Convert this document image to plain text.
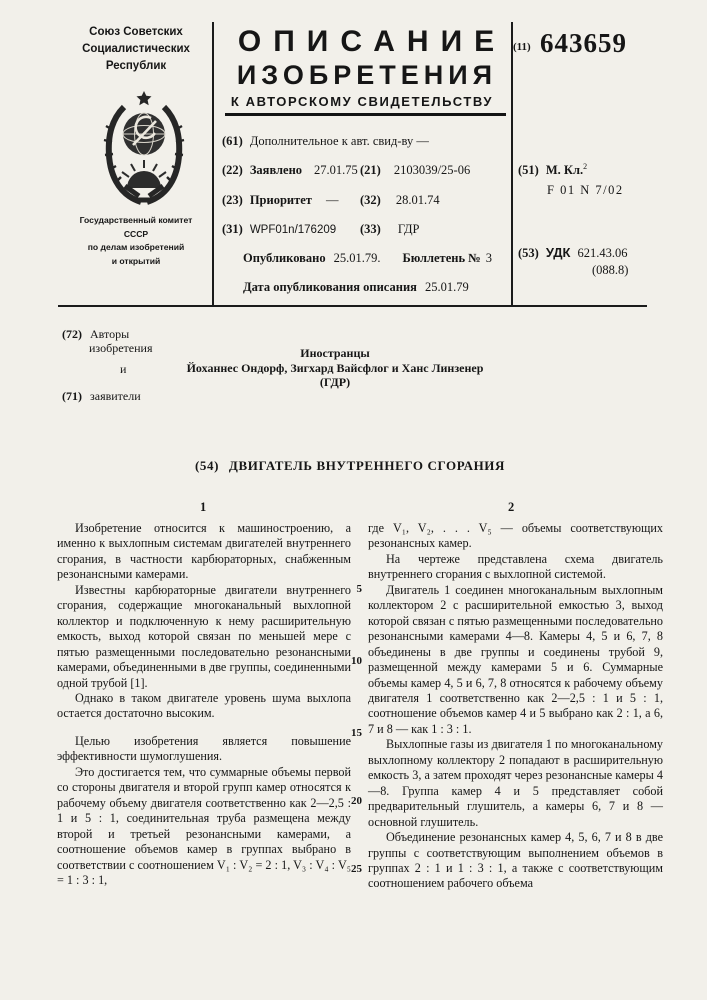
Союз Советских
Социалистических
Республик
Государственный комитет
СССР
по делам изобретений
и открытий
ОПИСАНИЕ
ИЗОБРЕТЕНИЯ
К АВТОРСКОМУ СВИДЕТЕЛЬСТВУ
(11) 643659
(61) Дополнительное к авт. свид-ву —
(22) Заявлено 27.01.75 (21) 2103039/25-06
(23) Приоритет — (32) 28.01.74
(31) WPF01n/176209 (33) ГДР
Опубликовано 25.01.79. Бюллетень № 3
Дата опубликования описания 25.01.79
(51) М. Кл.$^2$
F 01 N 7/02
(53) УДК 621.43.06
(088.8)
(72) Авторы
изобретения
и
(71) заявители
Иностранцы
Йоханнес Ондорф, Зигхард Вайсфлог и Ханс Линзенер
(ГДР)
(54) ДВИГАТЕЛЬ ВНУТРЕННЕГО СГОРАНИЯ
1	2
5
10
15
20
25

Изобретение относится к машиностроению, а именно к выхлопным системам двигателей внутреннего сгорания, в частности карбюраторных, снабженным резонансными камерами.

Известны карбюраторные двигатели внутреннего сгорания, содержащие многоканальный выхлопной коллектор и подключенную к нему расширительную емкость, выход которой связан по меньшей мере с пятью размещенными последовательно резонансными камерами, объединенными в две группы, соединенными одной трубой [1].

Однако в таком двигателе уровень шума выхлопа остается достаточно высоким.

Целью изобретения является повышение эффективности шумоглушения.

Это достигается тем, что суммарные объемы первой со стороны двигателя и второй групп камер относятся к рабочему объему двигателя соответственно как 2—2,5 : 1 и 5 : 1, соединительная труба размещена между второй и третьей резонансными камерами, а соотношение объемов камер в группах выбрано в соответствии с соотношением V₁ : V₂ = 2 : 1, V₃ : V₄ : V₅ = 1 : 3 : 1,

где V₁, V₂, . . . V₅ — объемы соответствующих резонансных камер.

На чертеже представлена схема двигатель внутреннего сгорания с выхлопной системой.

Двигатель 1 соединен многоканальным выхлопным коллектором 2 с расширительной емкостью 3, выход которой связан с пятью размещенными последовательно резонансными камерами 4—8. Камеры 4, 5 и 6, 7, 8 объединены в две группы и соединены трубой 9, размещенной между камерами 5 и 6. Суммарные объемы камер 4, 5 и 6, 7, 8 относятся к рабочему объему двигателя 1 соответственно как 2—2,5 : 1 и 5 : 1, соотношение объемов камер 4 и 5 выбрано как 2 : 1, а 6, 7 и 8 — как 1 : 3 : 1.

Выхлопные газы из двигателя 1 по многоканальному выхлопному коллектору 2 попадают в расширительную емкость 3, а затем проходят через резонансные камеры 4—8. Группа камер 4 и 5 представляет собой предварительный глушитель, а камеры 6, 7 и 8 — основной глушитель.

Объединение резонансных камер 4, 5, 6, 7 и 8 в две группы с соответствующим выполнением объемов в группах 2 : 1 и 1 : 3 : 1, а также с соответствующим соотношением рабочего объема
